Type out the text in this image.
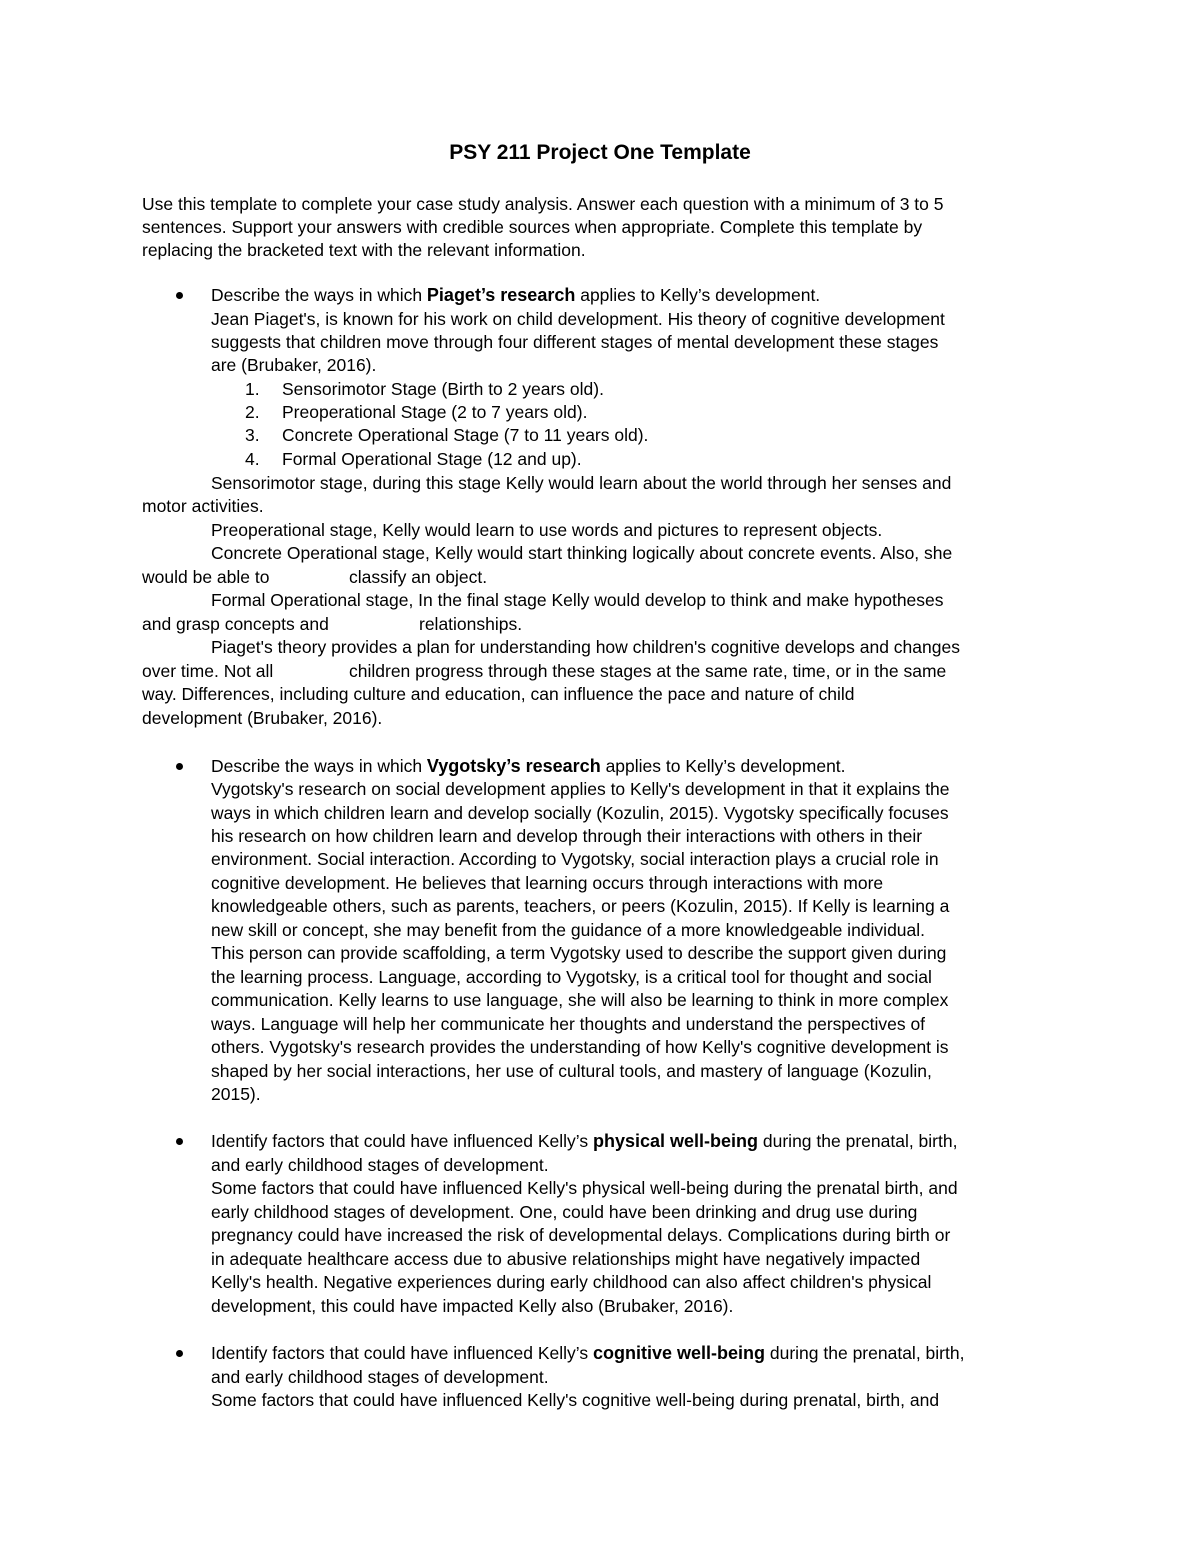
PSY 211 Project One Template
Use this template to complete your case study analysis. Answer each question with a minimum of 3 to 5
sentences. Support your answers with credible sources when appropriate. Complete this template by
replacing the bracketed text with the relevant information.
Describe the ways in which Piaget’s research applies to Kelly’s development.
Jean Piaget's, is known for his work on child development. His theory of cognitive development
suggests that children move through four different stages of mental development these stages
are (Brubaker, 2016).
1. Sensorimotor Stage (Birth to 2 years old).
2. Preoperational Stage (2 to 7 years old).
3. Concrete Operational Stage (7 to 11 years old).
4. Formal Operational Stage (12 and up).
Sensorimotor stage, during this stage Kelly would learn about the world through her senses and
motor activities.
Preoperational stage, Kelly would learn to use words and pictures to represent objects.
Concrete Operational stage, Kelly would start thinking logically about concrete events. Also, she
would be able to	classify an object.
Formal Operational stage, In the final stage Kelly would develop to think and make hypotheses
and grasp concepts and	relationships.
Piaget's theory provides a plan for understanding how children's cognitive develops and changes
over time. Not all	children progress through these stages at the same rate, time, or in the same
way. Differences, including culture and education, can influence the pace and nature of child
development (Brubaker, 2016).
Describe the ways in which Vygotsky’s research applies to Kelly’s development.
Vygotsky's research on social development applies to Kelly's development in that it explains the
ways in which children learn and develop socially (Kozulin, 2015). Vygotsky specifically focuses
his research on how children learn and develop through their interactions with others in their
environment. Social interaction. According to Vygotsky, social interaction plays a crucial role in
cognitive development. He believes that learning occurs through interactions with more
knowledgeable others, such as parents, teachers, or peers (Kozulin, 2015). If Kelly is learning a
new skill or concept, she may benefit from the guidance of a more knowledgeable individual.
This person can provide scaffolding, a term Vygotsky used to describe the support given during
the learning process. Language, according to Vygotsky, is a critical tool for thought and social
communication. Kelly learns to use language, she will also be learning to think in more complex
ways. Language will help her communicate her thoughts and understand the perspectives of
others. Vygotsky's research provides the understanding of how Kelly's cognitive development is
shaped by her social interactions, her use of cultural tools, and mastery of language (Kozulin,
2015).
Identify factors that could have influenced Kelly’s physical well-being during the prenatal, birth,
and early childhood stages of development.
Some factors that could have influenced Kelly's physical well-being during the prenatal birth, and
early childhood stages of development. One, could have been drinking and drug use during
pregnancy could have increased the risk of developmental delays. Complications during birth or
in adequate healthcare access due to abusive relationships might have negatively impacted
Kelly's health. Negative experiences during early childhood can also affect children's physical
development, this could have impacted Kelly also (Brubaker, 2016).
Identify factors that could have influenced Kelly’s cognitive well-being during the prenatal, birth,
and early childhood stages of development.
Some factors that could have influenced Kelly's cognitive well-being during prenatal, birth, and
